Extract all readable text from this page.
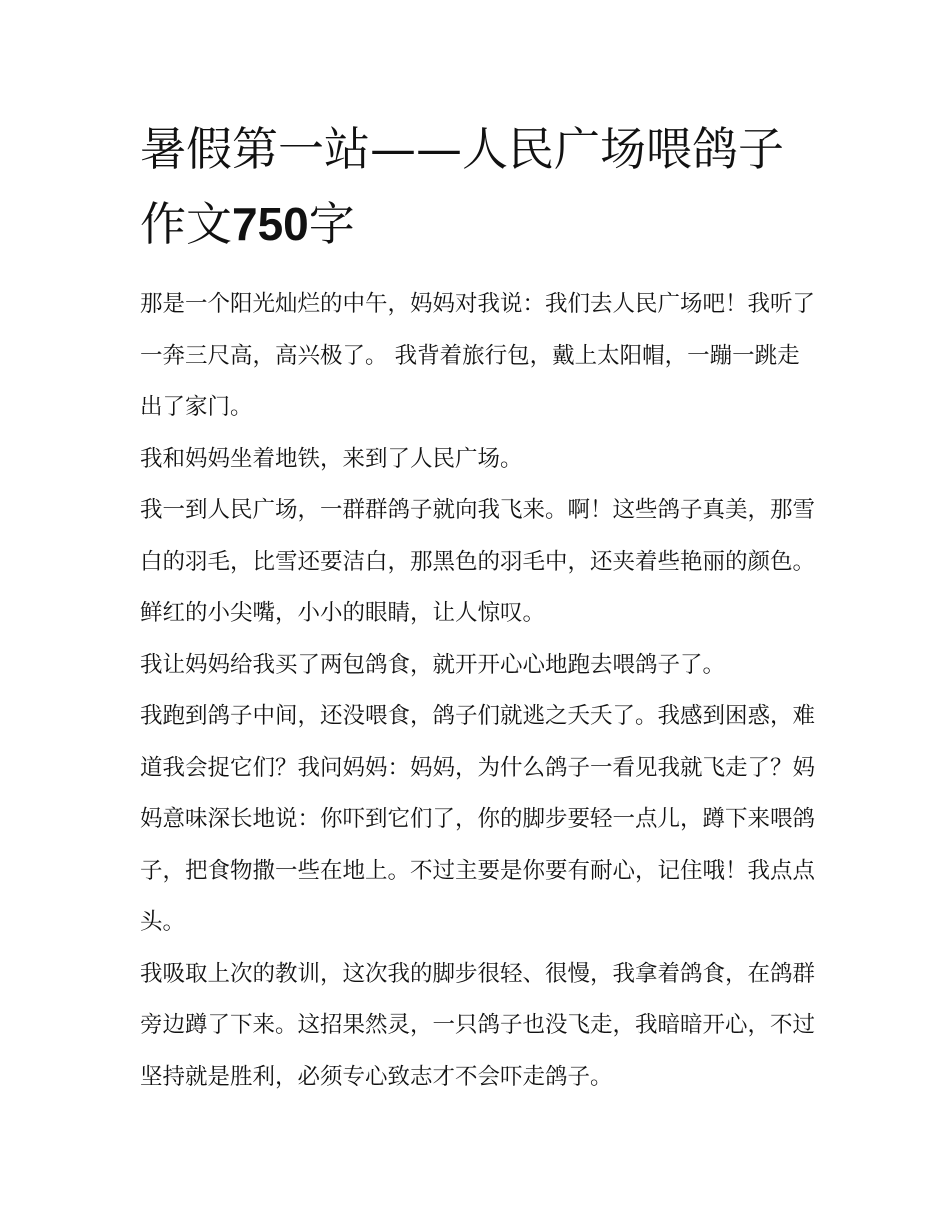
暑假第一站——人民广场喂鸽子作文750字

那是一个阳光灿烂的中午，妈妈对我说：我们去人民广场吧！我听了一奔三尺高，高兴极了。 我背着旅行包，戴上太阳帽，一蹦一跳走出了家门。

我和妈妈坐着地铁，来到了人民广场。

我一到人民广场，一群群鸽子就向我飞来。啊！这些鸽子真美，那雪白的羽毛，比雪还要洁白，那黑色的羽毛中，还夹着些艳丽的颜色。鲜红的小尖嘴，小小的眼睛，让人惊叹。

我让妈妈给我买了两包鸽食，就开开心心地跑去喂鸽子了。

我跑到鸽子中间，还没喂食，鸽子们就逃之夭夭了。我感到困惑，难道我会捉它们？我问妈妈：妈妈，为什么鸽子一看见我就飞走了？妈妈意味深长地说：你吓到它们了，你的脚步要轻一点儿，蹲下来喂鸽子，把食物撒一些在地上。不过主要是你要有耐心，记住哦！我点点头。

我吸取上次的教训，这次我的脚步很轻、很慢，我拿着鸽食，在鸽群旁边蹲了下来。这招果然灵，一只鸽子也没飞走，我暗暗开心，不过坚持就是胜利，必须专心致志才不会吓走鸽子。
